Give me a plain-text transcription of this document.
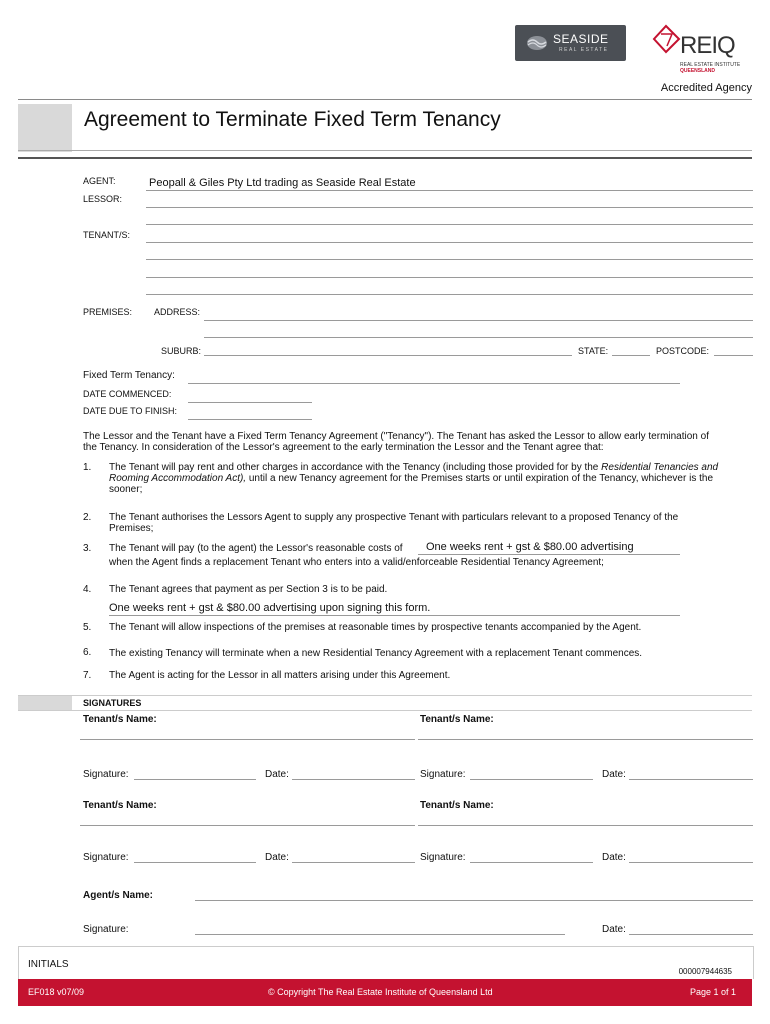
SEASIDE
REAL ESTATE	REIQ
REAL ESTATE INSTITUTE
QUEENSLAND
Accredited Agency
Agreement to Terminate Fixed Term Tenancy
AGENT:	Peopall & Giles Pty Ltd trading as Seaside Real Estate
LESSOR:
TENANT/S:
PREMISES: ADDRESS:
SUBURB:	STATE:	POSTCODE:
Fixed Term Tenancy:
DATE COMMENCED:
DATE DUE TO FINISH:
The Lessor and the Tenant have a Fixed Term Tenancy Agreement ("Tenancy"). The Tenant has asked the Lessor to allow early termination of the Tenancy. In consideration of the Lessor's agreement to the early termination the Lessor and the Tenant agree that:
1. The Tenant will pay rent and other charges in accordance with the Tenancy (including those provided for by the Residential Tenancies and Rooming Accommodation Act), until a new Tenancy agreement for the Premises starts or until expiration of the Tenancy, whichever is the sooner;
2. The Tenant authorises the Lessors Agent to supply any prospective Tenant with particulars relevant to a proposed Tenancy of the Premises;
3. The Tenant will pay (to the agent) the Lessor's reasonable costs of One weeks rent + gst & $80.00 advertising
when the Agent finds a replacement Tenant who enters into a valid/enforceable Residential Tenancy Agreement;
4. The Tenant agrees that payment as per Section 3 is to be paid.
One weeks rent + gst & $80.00 advertising upon signing this form.
5. The Tenant will allow inspections of the premises at reasonable times by prospective tenants accompanied by the Agent.
6. The existing Tenancy will terminate when a new Residential Tenancy Agreement with a replacement Tenant commences.
7. The Agent is acting for the Lessor in all matters arising under this Agreement.
SIGNATURES
Tenant/s Name:	Tenant/s Name:
Signature:	Date:	Signature:	Date:
Tenant/s Name:	Tenant/s Name:
Signature:	Date:	Signature:	Date:
Agent/s Name:
Signature:	Date:
INITIALS
000007944635
EF018 v07/09	© Copyright The Real Estate Institute of Queensland Ltd	Page 1 of 1
